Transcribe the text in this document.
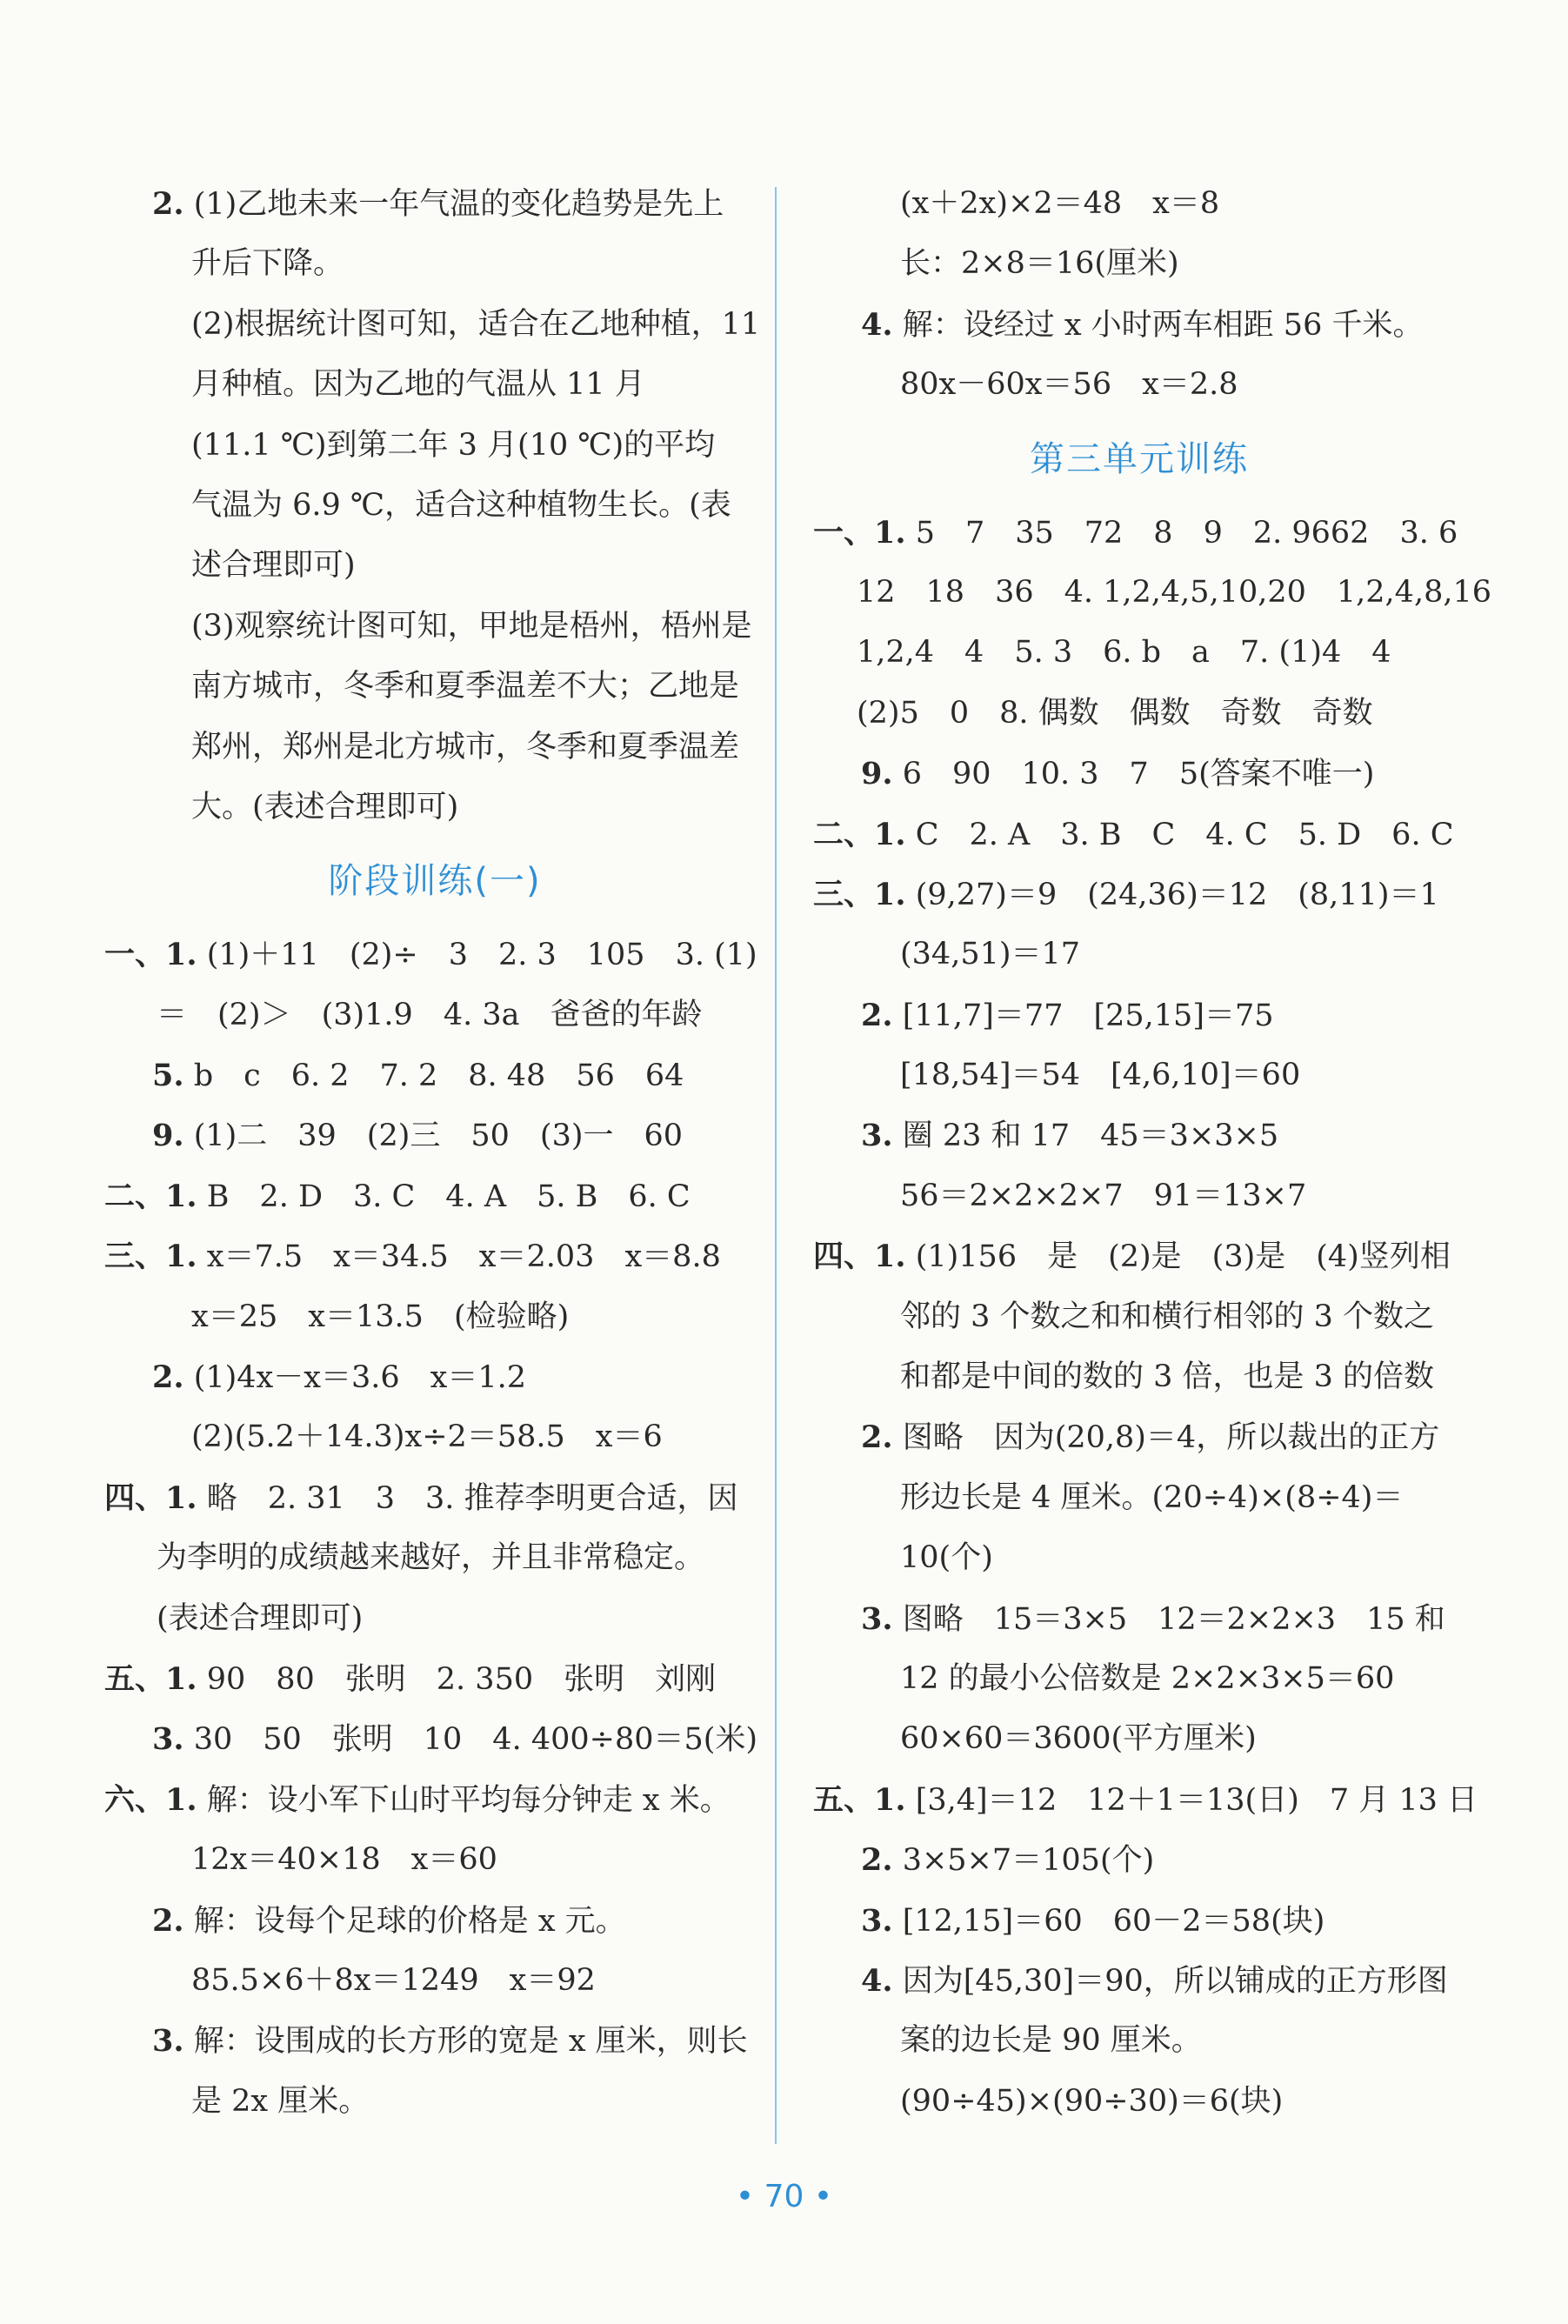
2. (1)乙地未来一年气温的变化趋势是先上
升后下降。
(2)根据统计图可知，适合在乙地种植，11
月种植。因为乙地的气温从 11 月
(11.1 ℃)到第二年 3 月(10 ℃)的平均
气温为 6.9 ℃，适合这种植物生长。(表
述合理即可)
(3)观察统计图可知，甲地是梧州，梧州是
南方城市，冬季和夏季温差不大；乙地是
郑州，郑州是北方城市，冬季和夏季温差
大。(表述合理即可)
阶段训练(一)
一、1. (1)＋11　(2)÷　3　2. 3　105　3. (1)
＝　(2)＞　(3)1.9　4. 3a　爸爸的年龄
5. b　c　6. 2　7. 2　8. 48　56　64
9. (1)二　39　(2)三　50　(3)一　60
二、1. B　2. D　3. C　4. A　5. B　6. C
三、1. x＝7.5　x＝34.5　x＝2.03　x＝8.8
x＝25　x＝13.5　(检验略)
2. (1)4x－x＝3.6　x＝1.2
(2)(5.2＋14.3)x÷2＝58.5　x＝6
四、1. 略　2. 31　3　3. 推荐李明更合适，因
为李明的成绩越来越好，并且非常稳定。
(表述合理即可)
五、1. 90　80　张明　2. 350　张明　刘刚
3. 30　50　张明　10　4. 400÷80＝5(米)
六、1. 解：设小军下山时平均每分钟走 x 米。
12x＝40×18　x＝60
2. 解：设每个足球的价格是 x 元。
85.5×6＋8x＝1249　x＝92
3. 解：设围成的长方形的宽是 x 厘米，则长
是 2x 厘米。
(x＋2x)×2＝48　x＝8
长：2×8＝16(厘米)
4. 解：设经过 x 小时两车相距 56 千米。
80x－60x＝56　x＝2.8
第三单元训练
一、1. 5　7　35　72　8　9　2. 9662　3. 6
12　18　36　4. 1,2,4,5,10,20　1,2,4,8,16
1,2,4　4　5. 3　6. b　a　7. (1)4　4
(2)5　0　8. 偶数　偶数　奇数　奇数
9. 6　90　10. 3　7　5(答案不唯一)
二、1. C　2. A　3. B　C　4. C　5. D　6. C
三、1. (9,27)＝9　(24,36)＝12　(8,11)＝1
(34,51)＝17
2. [11,7]＝77　[25,15]＝75
[18,54]＝54　[4,6,10]＝60
3. 圈 23 和 17　45＝3×3×5
56＝2×2×2×7　91＝13×7
四、1. (1)156　是　(2)是　(3)是　(4)竖列相
邻的 3 个数之和和横行相邻的 3 个数之
和都是中间的数的 3 倍，也是 3 的倍数
2. 图略　因为(20,8)＝4，所以裁出的正方
形边长是 4 厘米。(20÷4)×(8÷4)＝
10(个)
3. 图略　15＝3×5　12＝2×2×3　15 和
12 的最小公倍数是 2×2×3×5＝60
60×60＝3600(平方厘米)
五、1. [3,4]＝12　12＋1＝13(日)　7 月 13 日
2. 3×5×7＝105(个)
3. [12,15]＝60　60－2＝58(块)
4. 因为[45,30]＝90，所以铺成的正方形图
案的边长是 90 厘米。
(90÷45)×(90÷30)＝6(块)
• 70 •
